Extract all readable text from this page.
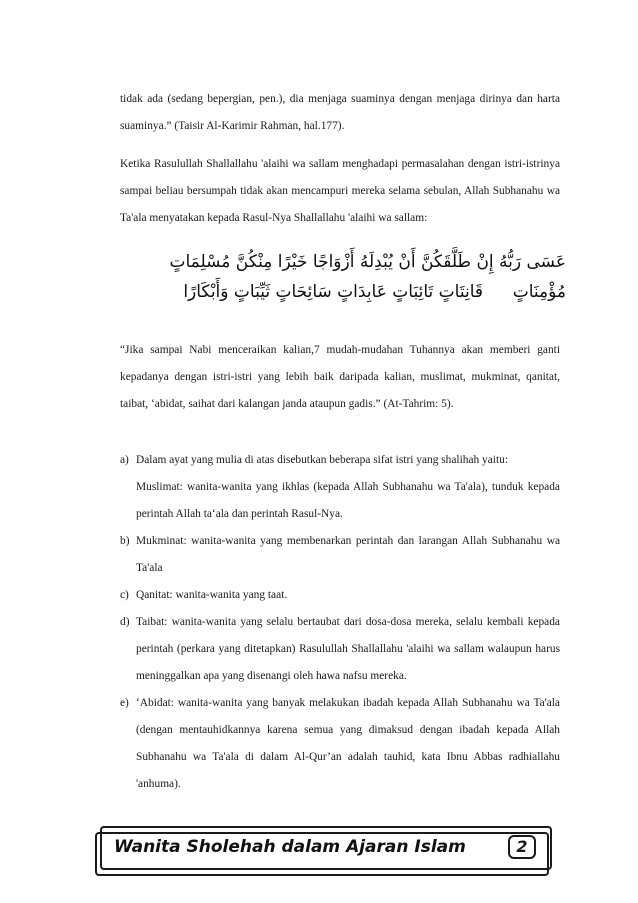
tidak ada (sedang bepergian, pen.), dia menjaga suaminya dengan menjaga dirinya dan harta suaminya.” (Taisir Al-Karimir Rahman, hal.177).

Ketika Rasulullah Shallallahu 'alaihi wa sallam menghadapi permasalahan dengan istri-istrinya sampai beliau bersumpah tidak akan mencampuri mereka selama sebulan, Allah Subhanahu wa Ta'ala menyatakan kepada Rasul-Nya Shallallahu 'alaihi wa sallam:

عَسَى رَبُّهُ إِنْ طَلَّقَكُنَّ أَنْ يُبْدِلَهُ أَزْوَاجًا خَيْرًا مِنْكُنَّ مُسْلِمَاتٍ مُؤْمِنَاتٍ
قَانِتَاتٍ تَائِبَاتٍ عَابِدَاتٍ سَائِحَاتٍ ثَيِّبَاتٍ وَأَبْكَارًا

“Jika sampai Nabi menceraikan kalian,7 mudah-mudahan Tuhannya akan memberi ganti kepadanya dengan istri-istri yang lebih baik daripada kalian, muslimat, mukminat, qanitat, taibat, ‘abidat, saihat dari kalangan janda ataupun gadis.” (At-Tahrim: 5).

a) Dalam ayat yang mulia di atas disebutkan beberapa sifat istri yang shalihah yaitu:

Muslimat: wanita-wanita yang ikhlas (kepada Allah Subhanahu wa Ta'ala), tunduk kepada perintah Allah ta‘ala dan perintah Rasul-Nya.

b) Mukminat: wanita-wanita yang membenarkan perintah dan larangan Allah Subhanahu wa Ta'ala

c) Qanitat: wanita-wanita yang taat.

d) Taibat: wanita-wanita yang selalu bertaubat dari dosa-dosa mereka, selalu kembali kepada perintah (perkara yang ditetapkan) Rasulullah Shallallahu 'alaihi wa sallam walaupun harus meninggalkan apa yang disenangi oleh hawa nafsu mereka.

e) ‘Abidat: wanita-wanita yang banyak melakukan ibadah kepada Allah Subhanahu wa Ta'ala (dengan mentauhidkannya karena semua yang dimaksud dengan ibadah kepada Allah Subhanahu wa Ta'ala di dalam Al-Qur’an adalah tauhid, kata Ibnu Abbas radhiallahu 'anhuma).

Wanita Sholehah dalam Ajaran Islam	2
